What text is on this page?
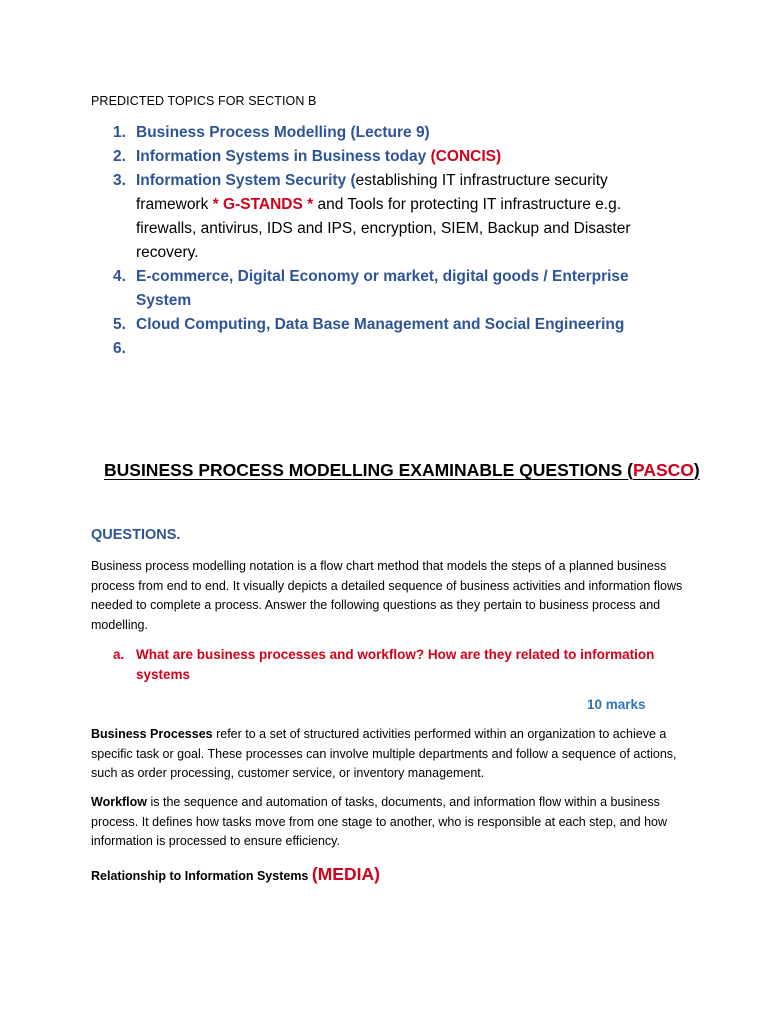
PREDICTED TOPICS FOR SECTION B
1. Business Process Modelling (Lecture 9)
2. Information Systems in Business today (CONCIS)
3. Information System Security (establishing IT infrastructure security framework * G-STANDS * and Tools for protecting IT infrastructure e.g. firewalls, antivirus, IDS and IPS, encryption, SIEM, Backup and Disaster recovery.
4. E-commerce, Digital Economy or market, digital goods / Enterprise System
5. Cloud Computing, Data Base Management and Social Engineering
6.

BUSINESS PROCESS MODELLING EXAMINABLE QUESTIONS (PASCO)
QUESTIONS.

Business process modelling notation is a flow chart method that models the steps of a planned business process from end to end. It visually depicts a detailed sequence of business activities and information flows needed to complete a process. Answer the following questions as they pertain to business process and modelling.

a. What are business processes and workflow? How are they related to information systems
10 marks

Business Processes refer to a set of structured activities performed within an organization to achieve a specific task or goal. These processes can involve multiple departments and follow a sequence of actions, such as order processing, customer service, or inventory management.

Workflow is the sequence and automation of tasks, documents, and information flow within a business process. It defines how tasks move from one stage to another, who is responsible at each step, and how information is processed to ensure efficiency.

Relationship to Information Systems (MEDIA)
